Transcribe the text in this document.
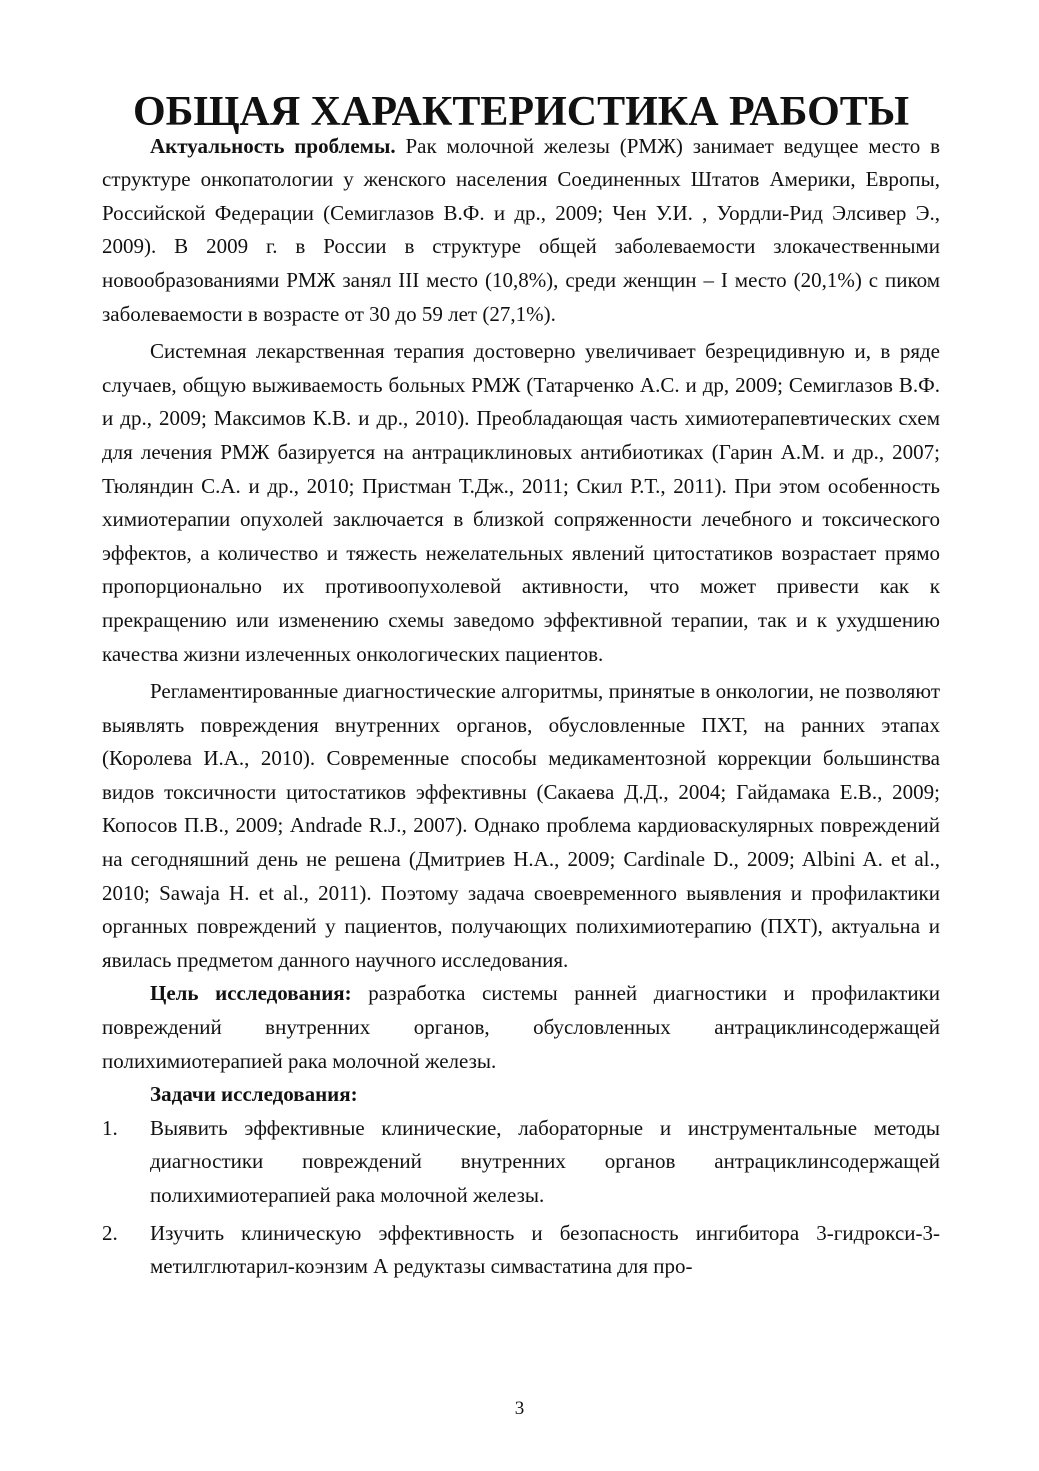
ОБЩАЯ ХАРАКТЕРИСТИКА РАБОТЫ

Актуальность проблемы. Рак молочной железы (РМЖ) занимает ведущее место в структуре онкопатологии у женского населения Соединенных Штатов Америки, Европы, Российской Федерации (Семиглазов В.Ф. и др., 2009; Чен У.И. , Уордли-Рид Элсивер Э., 2009). В 2009 г. в России в структуре общей заболеваемости злокачественными новообразованиями РМЖ занял III место (10,8%), среди женщин – I место (20,1%) с пиком заболеваемости в возрасте от 30 до 59 лет (27,1%).

Системная лекарственная терапия достоверно увеличивает безрецидивную и, в ряде случаев, общую выживаемость больных РМЖ (Татарченко А.С. и др, 2009; Семиглазов В.Ф. и др., 2009; Максимов К.В. и др., 2010). Преобладающая часть химиотерапевтических схем для лечения РМЖ базируется на антрациклиновых антибиотиках (Гарин А.М. и др., 2007; Тюляндин С.А. и др., 2010; Пристман Т.Дж., 2011; Скил Р.Т., 2011). При этом особенность химиотерапии опухолей заключается в близкой сопряженности лечебного и токсического эффектов, а количество и тяжесть нежелательных явлений цитостатиков возрастает прямо пропорционально их противоопухолевой активности, что может привести как к прекращению или изменению схемы заведомо эффективной терапии, так и к ухудшению качества жизни излеченных онкологических пациентов.

Регламентированные диагностические алгоритмы, принятые в онкологии, не позволяют выявлять повреждения внутренних органов, обусловленные ПХТ, на ранних этапах (Королева И.А., 2010). Современные способы медикаментозной коррекции большинства видов токсичности цитостатиков эффективны (Сакаева Д.Д., 2004; Гайдамака Е.В., 2009; Копосов П.В., 2009; Andrade R.J., 2007). Однако проблема кардиоваскулярных повреждений на сегодняшний день не решена (Дмитриев Н.А., 2009; Cardinale D., 2009; Albini A. et al., 2010; Sawaja H. et al., 2011). Поэтому задача своевременного выявления и профилактики органных повреждений у пациентов, получающих полихимиотерапию (ПХТ), актуальна и явилась предметом данного научного исследования.

Цель исследования: разработка системы ранней диагностики и профилактики повреждений внутренних органов, обусловленных антрациклинсодержащей полихимиотерапией рака молочной железы.

Задачи исследования:
1.	Выявить эффективные клинические, лабораторные и инструментальные методы диагностики повреждений внутренних органов антрациклинсодержащей полихимиотерапией рака молочной железы.
2.	Изучить клиническую эффективность и безопасность ингибитора 3-гидрокси-3-метилглютарил-коэнзим А редуктазы симвастатина для про-
3
